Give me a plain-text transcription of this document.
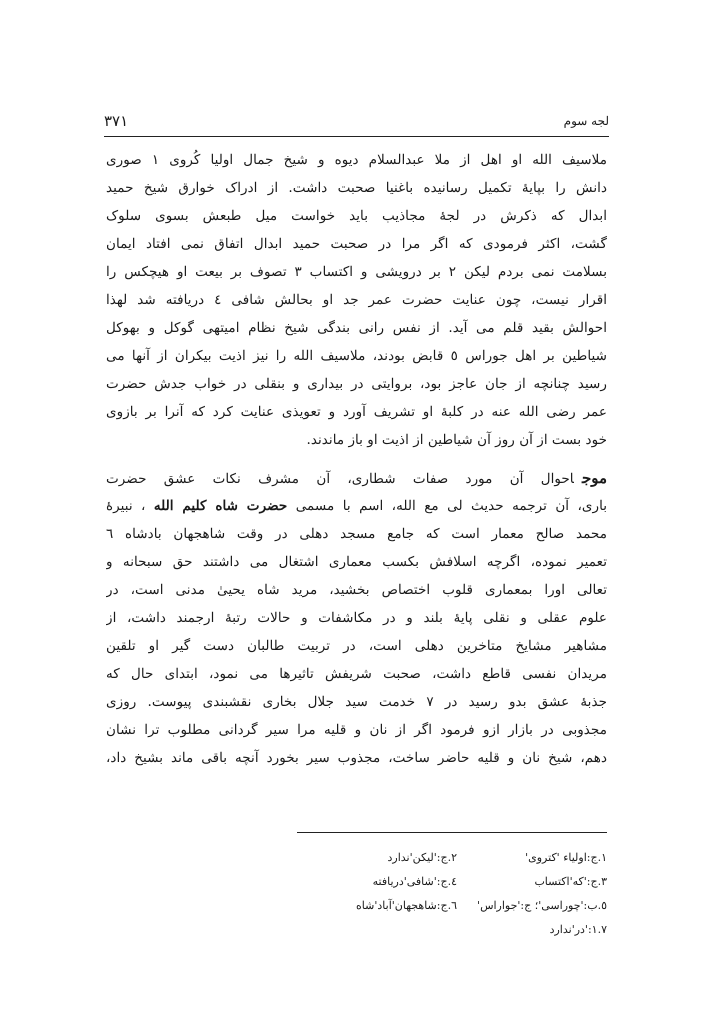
لجه سوم
۳۷۱
ملاسیف الله او اهل از ملا عبدالسلام دیوه و شیخ جمال اولیا کُروی ۱ صوری
دانش را بپایهٔ تکمیل رسانیده باغنیا صحبت داشت. از ادراک خوارق شیخ حمید
ابدال که ذکرش در لجهٔ مجاذیب باید خواست میل طبعش بسوی سلوک
گشت، اکثر فرمودی که اگر مرا در صحبت حمید ابدال اتفاق نمی افتاد ایمان
بسلامت نمی بردم لیکن ۲ بر درویشی و اکتساب ۳ تصوف بر بیعت او هیچکس را
اقرار نیست، چون عنایت حضرت عمر جد او بحالش شافی ٤ دریافته شد لهذا
احوالش بقید قلم می آید. از نفس رانی بندگی شیخ نظام امیتهی گوکل و بهوکل
شیاطین بر اهل جوراس ٥ قابض بودند، ملاسیف الله را نیز اذیت بیکران از آنها می
رسید چنانچه از جان عاجز بود، بروایتی در بیداری و بنقلی در خواب جدش حضرت
عمر رضی الله عنه در کلبهٔ او تشریف آورد و تعویذی عنایت کرد که آنرا بر بازوی
خود بست از آن روز آن شیاطین از اذیت او باز ماندند.
موجاحوال آن مورد صفات شطاری، آن مشرف نکات عشق حضرت
باری، آن ترجمه حدیث لی مع الله، اسم با مسمی حضرت شاه کلیم الله ، نبیرهٔ
محمد صالح معمار است که جامع مسجد دهلی در وقت شاهجهان بادشاه ٦
تعمیر نموده، اگرچه اسلافش بکسب معماری اشتغال می داشتند حق سبحانه و
تعالی اورا بمعماری قلوب اختصاص بخشید، مرید شاه یحییٰ مدنی است، در
علوم عقلی و نقلی پایهٔ بلند و در مکاشفات و حالات رتبهٔ ارجمند داشت، از
مشاهیر مشایخ متاخرین دهلی است، در تربیت طالبان دست گیر او تلقین
مریدان نفسی قاطع داشت، صحبت شریفش تاثیرها می نمود، ابتدای حال که
جذبهٔ عشق بدو رسید در ۷ خدمت سید جلال بخاری نقشبندی پیوست. روزی
مجذوبی در بازار ازو فرمود اگر از نان و قلیه مرا سیر گردانی مطلوب ترا نشان
دهم، شیخ نان و قلیه حاضر ساخت، مجذوب سیر بخورد آنچه باقی ماند بشیخ داد،
۱.ج:اولیاء 'کتروی'
۲.ج:'لیکن'ندارد
۳.ج:'که'اکتساب
٤.ج:'شافی'دریافته
٥.ب:'چوراسی'؛ ج:'جواراس'
٦.ج:شاهجهان'آباد'شاه
۱.۷:'در'ندارد
